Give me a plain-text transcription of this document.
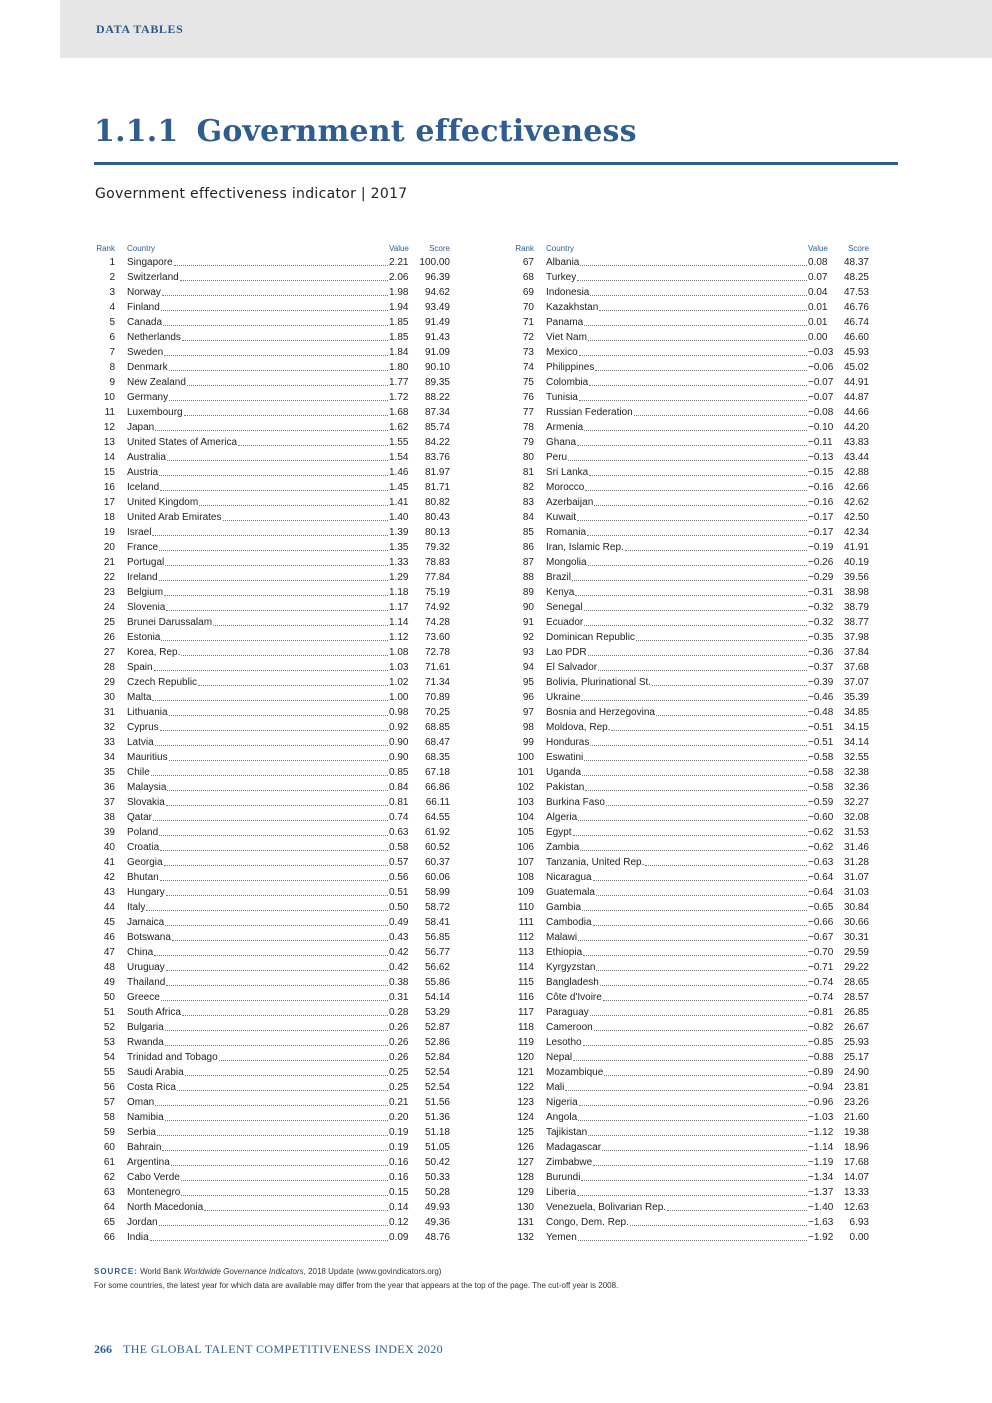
DATA TABLES
1.1.1 Government effectiveness
Government effectiveness indicator | 2017
Rank Country	Value	Score
1 Singapore	2.21	100.00
2 Switzerland	2.06	96.39
3 Norway	1.98	94.62
4 Finland	1.94	93.49
5 Canada	1.85	91.49
6 Netherlands	1.85	91.43
7 Sweden	1.84	91.09
8 Denmark	1.80	90.10
9 New Zealand	1.77	89.35
10 Germany	1.72	88.22
11 Luxembourg	1.68	87.34
12 Japan	1.62	85.74
13 United States of America	1.55	84.22
14 Australia	1.54	83.76
15 Austria	1.46	81.97
16 Iceland	1.45	81.71
17 United Kingdom	1.41	80.82
18 United Arab Emirates	1.40	80.43
19 Israel	1.39	80.13
20 France	1.35	79.32
21 Portugal	1.33	78.83
22 Ireland	1.29	77.84
23 Belgium	1.18	75.19
24 Slovenia	1.17	74.92
25 Brunei Darussalam	1.14	74.28
26 Estonia	1.12	73.60
27 Korea, Rep.	1.08	72.78
28 Spain	1.03	71.61
29 Czech Republic	1.02	71.34
30 Malta	1.00	70.89
31 Lithuania	0.98	70.25
32 Cyprus	0.92	68.85
33 Latvia	0.90	68.47
34 Mauritius	0.90	68.35
35 Chile	0.85	67.18
36 Malaysia	0.84	66.86
37 Slovakia	0.81	66.11
38 Qatar	0.74	64.55
39 Poland	0.63	61.92
40 Croatia	0.58	60.52
41 Georgia	0.57	60.37
42 Bhutan	0.56	60.06
43 Hungary	0.51	58.99
44 Italy	0.50	58.72
45 Jamaica	0.49	58.41
46 Botswana	0.43	56.85
47 China	0.42	56.77
48 Uruguay	0.42	56.62
49 Thailand	0.38	55.86
50 Greece	0.31	54.14
51 South Africa	0.28	53.29
52 Bulgaria	0.26	52.87
53 Rwanda	0.26	52.86
54 Trinidad and Tobago	0.26	52.84
55 Saudi Arabia	0.25	52.54
56 Costa Rica	0.25	52.54
57 Oman	0.21	51.56
58 Namibia	0.20	51.36
59 Serbia	0.19	51.18
60 Bahrain	0.19	51.05
61 Argentina	0.16	50.42
62 Cabo Verde	0.16	50.33
63 Montenegro	0.15	50.28
64 North Macedonia	0.14	49.93
65 Jordan	0.12	49.36
66 India	0.09	48.76
Rank Country	Value	Score
67 Albania	0.08	48.37
68 Turkey	0.07	48.25
69 Indonesia	0.04	47.53
70 Kazakhstan	0.01	46.76
71 Panama	0.01	46.74
72 Viet Nam	0.00	46.60
73 Mexico	−0.03	45.93
74 Philippines	−0.06	45.02
75 Colombia	−0.07	44.91
76 Tunisia	−0.07	44.87
77 Russian Federation	−0.08	44.66
78 Armenia	−0.10	44.20
79 Ghana	−0.11	43.83
80 Peru	−0.13	43.44
81 Sri Lanka	−0.15	42.88
82 Morocco	−0.16	42.66
83 Azerbaijan	−0.16	42.62
84 Kuwait	−0.17	42.50
85 Romania	−0.17	42.34
86 Iran, Islamic Rep.	−0.19	41.91
87 Mongolia	−0.26	40.19
88 Brazil	−0.29	39.56
89 Kenya	−0.31	38.98
90 Senegal	−0.32	38.79
91 Ecuador	−0.32	38.77
92 Dominican Republic	−0.35	37.98
93 Lao PDR	−0.36	37.84
94 El Salvador	−0.37	37.68
95 Bolivia, Plurinational St.	−0.39	37.07
96 Ukraine	−0.46	35.39
97 Bosnia and Herzegovina	−0.48	34.85
98 Moldova, Rep.	−0.51	34.15
99 Honduras	−0.51	34.14
100 Eswatini	−0.58	32.55
101 Uganda	−0.58	32.38
102 Pakistan	−0.58	32.36
103 Burkina Faso	−0.59	32.27
104 Algeria	−0.60	32.08
105 Egypt	−0.62	31.53
106 Zambia	−0.62	31.46
107 Tanzania, United Rep.	−0.63	31.28
108 Nicaragua	−0.64	31.07
109 Guatemala	−0.64	31.03
110 Gambia	−0.65	30.84
111 Cambodia	−0.66	30.66
112 Malawi	−0.67	30.31
113 Ethiopia	−0.70	29.59
114 Kyrgyzstan	−0.71	29.22
115 Bangladesh	−0.74	28.65
116 Côte d'Ivoire	−0.74	28.57
117 Paraguay	−0.81	26.85
118 Cameroon	−0.82	26.67
119 Lesotho	−0.85	25.93
120 Nepal	−0.88	25.17
121 Mozambique	−0.89	24.90
122 Mali	−0.94	23.81
123 Nigeria	−0.96	23.26
124 Angola	−1.03	21.60
125 Tajikistan	−1.12	19.38
126 Madagascar	−1.14	18.96
127 Zimbabwe	−1.19	17.68
128 Burundi	−1.34	14.07
129 Liberia	−1.37	13.33
130 Venezuela, Bolivarian Rep.	−1.40	12.63
131 Congo, Dem. Rep.	−1.63	6.93
132 Yemen	−1.92	0.00
SOURCE: World Bank Worldwide Governance Indicators, 2018 Update (www.govindicators.org)
For some countries, the latest year for which data are available may differ from the year that appears at the top of the page. The cut-off year is 2008.
266 THE GLOBAL TALENT COMPETITIVENESS INDEX 2020
